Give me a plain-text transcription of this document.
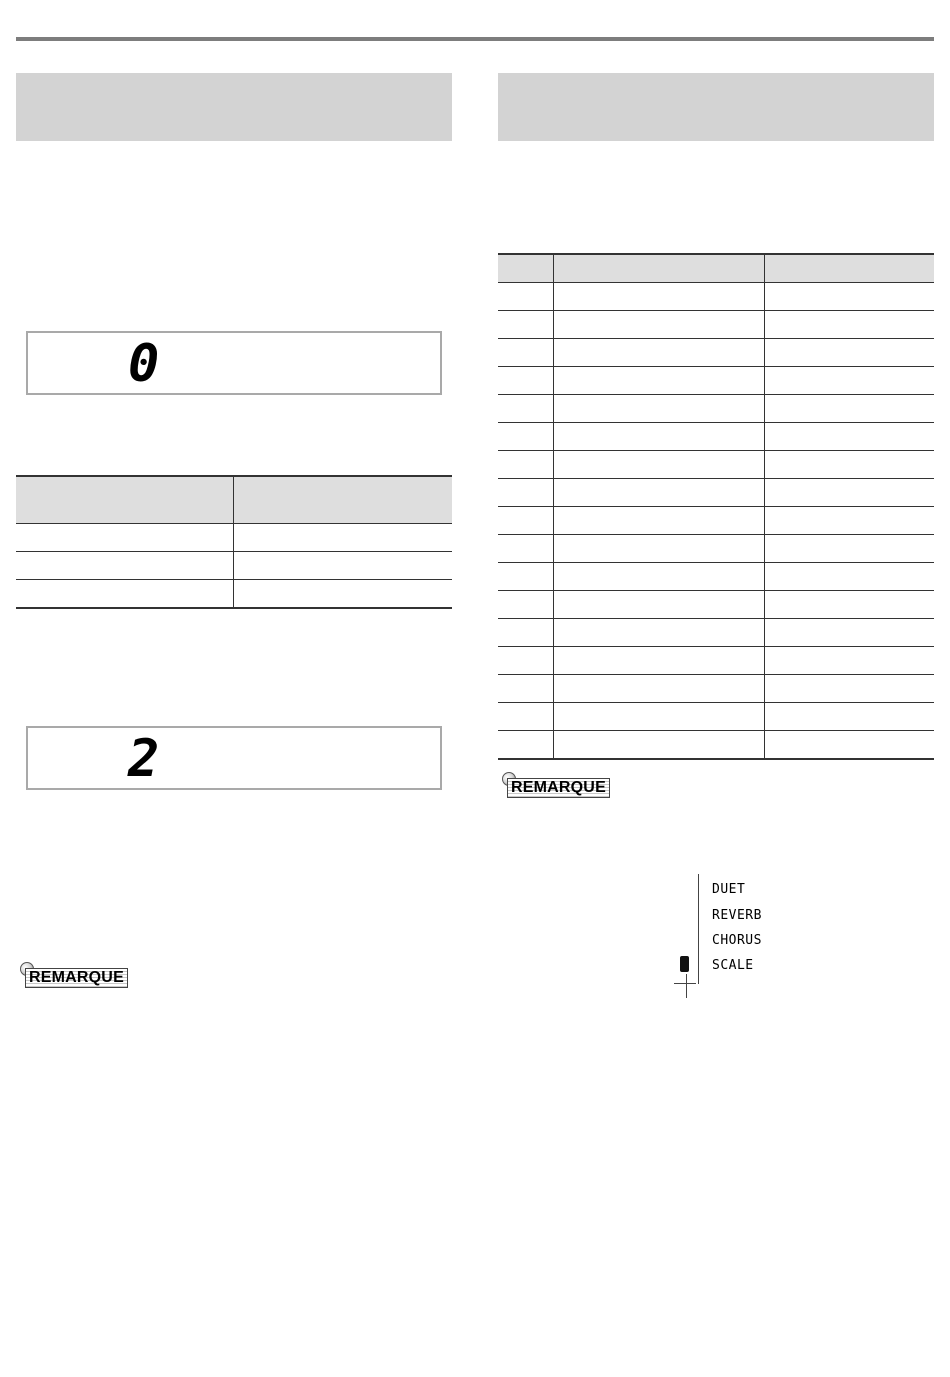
0

2
REMARQUE

REMARQUE
DUET
REVERB
CHORUS
SCALE
